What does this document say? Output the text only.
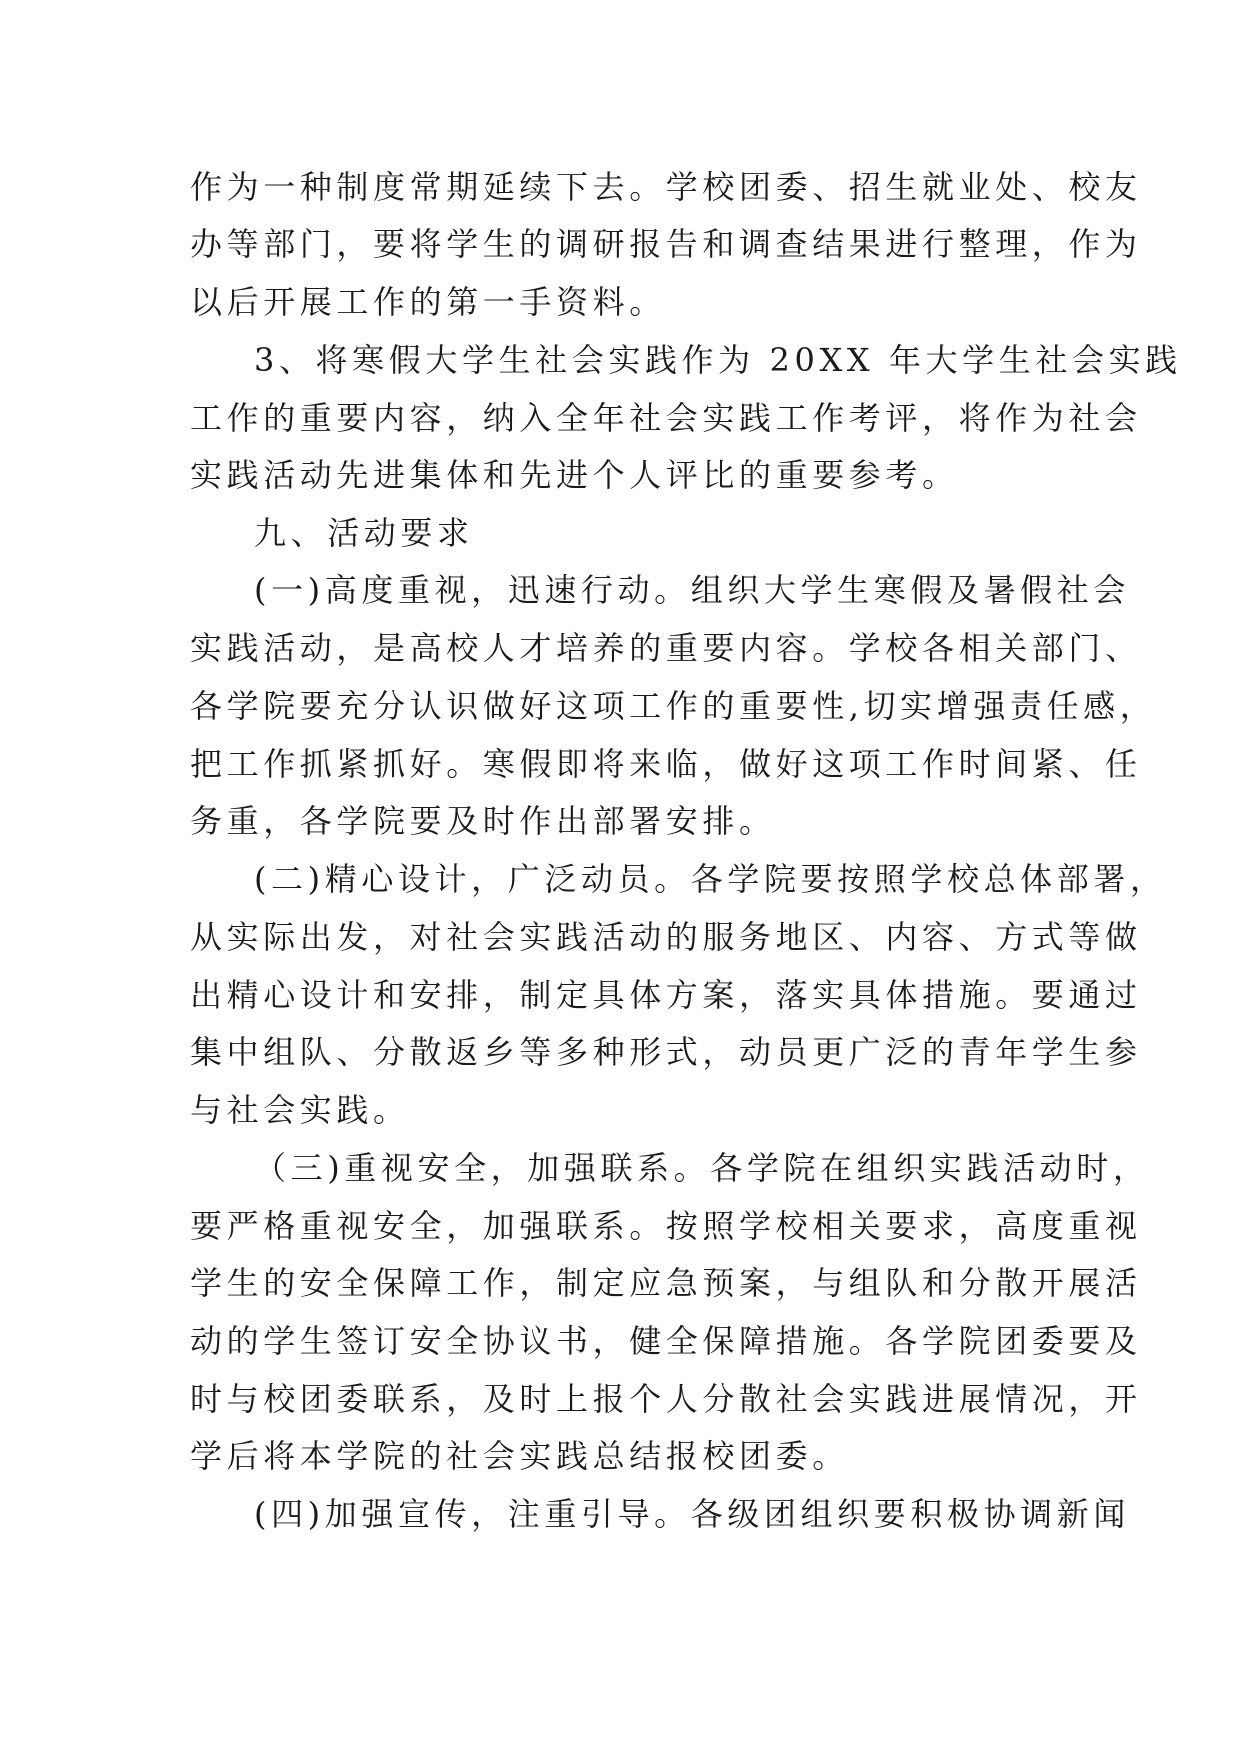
作为一种制度常期延续下去。学校团委、招生就业处、校友
办等部门，要将学生的调研报告和调查结果进行整理，作为
以后开展工作的第一手资料。
3、将寒假大学生社会实践作为 20XX 年大学生社会实践
工作的重要内容，纳入全年社会实践工作考评，将作为社会
实践活动先进集体和先进个人评比的重要参考。
九、活动要求
(一)高度重视，迅速行动。组织大学生寒假及暑假社会
实践活动，是高校人才培养的重要内容。学校各相关部门、
各学院要充分认识做好这项工作的重要性,切实增强责任感，
把工作抓紧抓好。寒假即将来临，做好这项工作时间紧、任
务重，各学院要及时作出部署安排。
(二)精心设计，广泛动员。各学院要按照学校总体部署，
从实际出发，对社会实践活动的服务地区、内容、方式等做
出精心设计和安排，制定具体方案，落实具体措施。要通过
集中组队、分散返乡等多种形式，动员更广泛的青年学生参
与社会实践。
（三)重视安全，加强联系。各学院在组织实践活动时，
要严格重视安全，加强联系。按照学校相关要求，高度重视
学生的安全保障工作，制定应急预案，与组队和分散开展活
动的学生签订安全协议书，健全保障措施。各学院团委要及
时与校团委联系，及时上报个人分散社会实践进展情况，开
学后将本学院的社会实践总结报校团委。
(四)加强宣传，注重引导。各级团组织要积极协调新闻
